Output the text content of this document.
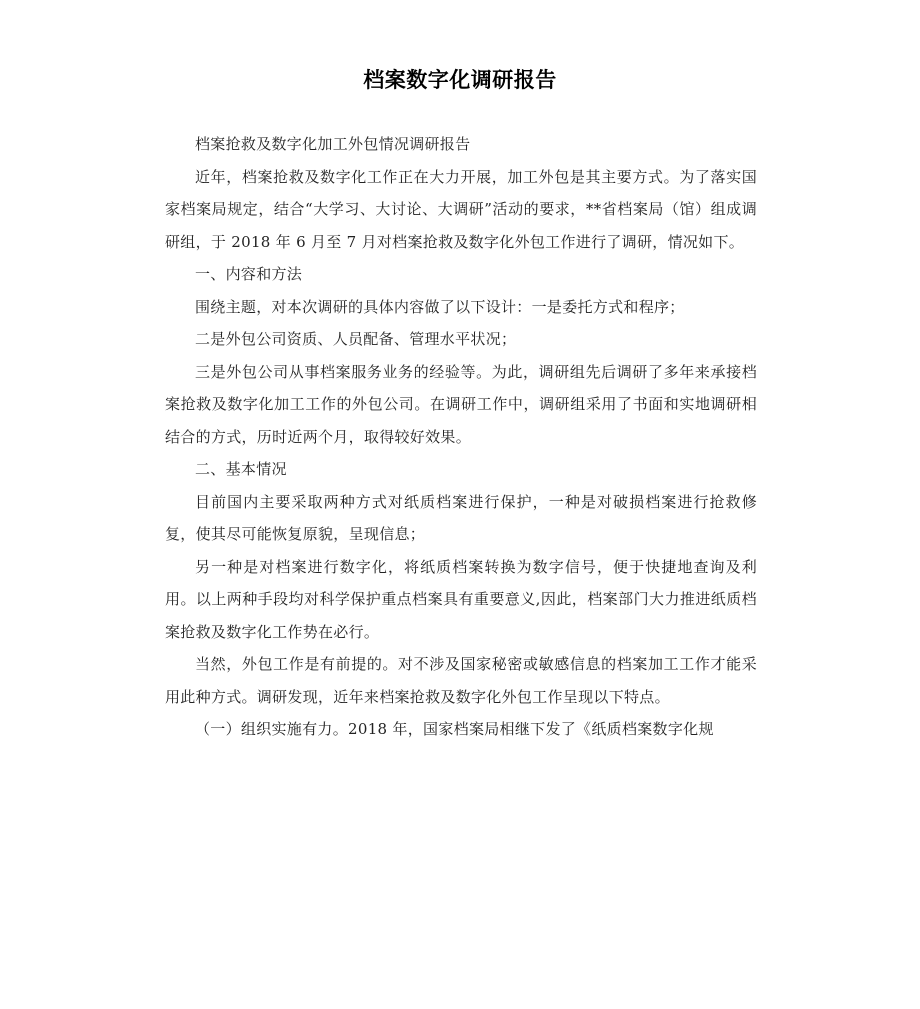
档案数字化调研报告

档案抢救及数字化加工外包情况调研报告

近年，档案抢救及数字化工作正在大力开展，加工外包是其主要方式。为了落实国家档案局规定，结合“大学习、大讨论、大调研”活动的要求，**省档案局（馆）组成调研组，于 2018 年 6 月至 7 月对档案抢救及数字化外包工作进行了调研，情况如下。

一、内容和方法

围绕主题，对本次调研的具体内容做了以下设计：一是委托方式和程序；

二是外包公司资质、人员配备、管理水平状况；

三是外包公司从事档案服务业务的经验等。为此，调研组先后调研了多年来承接档案抢救及数字化加工工作的外包公司。在调研工作中，调研组采用了书面和实地调研相结合的方式，历时近两个月，取得较好效果。

二、基本情况

目前国内主要采取两种方式对纸质档案进行保护，一种是对破损档案进行抢救修复，使其尽可能恢复原貌，呈现信息；

另一种是对档案进行数字化，将纸质档案转换为数字信号，便于快捷地查询及利用。以上两种手段均对科学保护重点档案具有重要意义,因此，档案部门大力推进纸质档案抢救及数字化工作势在必行。

当然，外包工作是有前提的。对不涉及国家秘密或敏感信息的档案加工工作才能采用此种方式。调研发现，近年来档案抢救及数字化外包工作呈现以下特点。

（一）组织实施有力。2018 年，国家档案局相继下发了《纸质档案数字化规
